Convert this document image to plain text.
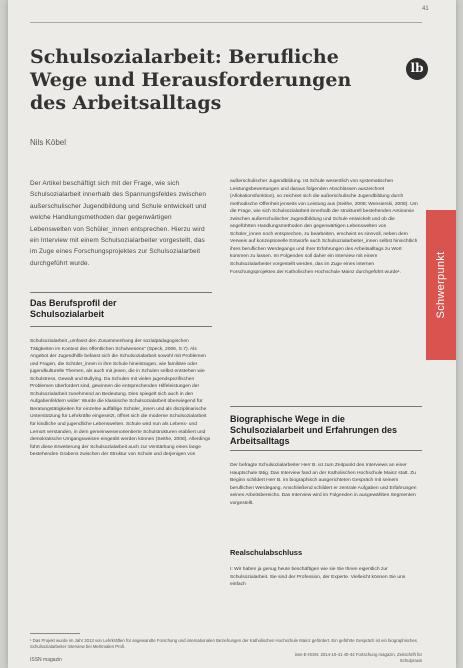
41
Schulsozialarbeit: Berufliche Wege und Herausforderungen des Arbeitsalltags
lb
Nils Köbel
Schwerpunkt

Der Artikel beschäftigt sich mit der Frage, wie sich Schulsozialarbeit innerhalb des Spannungsfeldes zwischen außerschulischer Jugendbildung und Schule entwickelt und welche Handlungsmethoden dar gegenwärtigen Lebenswelten von Schüler_innen entsprechen. Hierzu wird ein Interview mit einem Schulsozialarbeiter vorgestellt, das im Zuge eines Forschungsprojektes zur Schulsozialarbeit durchgeführt wurde.

Das Berufsprofil der Schulsozialarbeit

Schulsozialarbeit „umfasst den Zusammenhang der sozialpädagogischen Tätigkeiten im Kontext des öffentlichen Schulwesens“ (Speck, 2006, S.7). Als Angebot der Jugendhilfe befasst sich die Schulsozialarbeit sowohl mit Problemen und Fragen, die Schüler_innen in ihre Schule hineintragen, wie familiäre oder jugendkulturelle Themen, als auch mit jenen, die in Schulen selbst entstehen wie Schulstress, Gewalt und Bullying. Da Schulen mit vielen jugendspezifischen Problemen überfordert sind, gewinnen die entsprechenden Hilfeleistungen der Schulsozialarbeit zunehmend an Bedeutung. Dies spiegelt sich auch in den Aufgabenfeldern wider: Wurde die klassische Schulsozialarbeit überwiegend für Beratungstätigkeiten für einzelne auffällige Schüler_innen und als disziplinarische Unterstützung für Lehrkräfte eingesetzt, öffnet sich die moderne Schulsozialarbeit für kindliche und jugendliche Lebenswelten. Schule wird nun als Lebens- und Lernort verstanden, in dem gemeinwesenorientierte Schulstrukturen etabliert und demokratische Umgangsweisen eingeübt werden können (Seithe, 2008). Allerdings führt diese Erweiterung der Schulsozialarbeit auch zur Verstärkung eines lange bestehenden Grabens zwischen der Struktur von Schule und derjenigen von

außerschulischer Jugendbildung. Ist Schule wesentlich von systematischen Leistungsbewertungen und daraus folgenden Abschlüssen auszeichnet (Allokationsfunktion), so zeichnet sich die außerschulische Jugendbildung durch methodische Offenheit jenseits von Leistung aus (Seithe, 2008; Wensierski, 2008). Um die Frage, wie sich Schulsozialarbeit innerhalb der strukturell bestehenden Antinomie zwischen außerschulischer Jugendbildung und Schule entwickelt und ob die angeführten Handlungsmethoden den gegenwärtigen Lebenswelten von Schüler_innen noch entsprechen, zu bearbeiten, erscheint es sinnvoll, neben dem Verweis auf konzeptionelle Entwürfe auch Schulsozialarbeiter_innen selbst hinsichtlich ihres beruflichen Werdegangs und ihrer Erfahrungen des Arbeitsalltags zu Wort kommen zu lassen. Im Folgenden soll daher ein Interview mit einem Schulsozialarbeiter vorgestellt werden, das im Zuge eines internen Forschungsprojektes der Katholischen Hochschule Mainz durchgeführt wurde¹.

Biographische Wege in die Schulsozialarbeit und Erfahrungen des Arbeitsalltags

Der befragte Schulsozialarbeiter Herr B. ist zum Zeitpunkt des Interviews an einer Hauptschule tätig. Das Interview fand an der Katholischen Hochschule Mainz statt. Zu Beginn schildert Herr B. im biographisch ausgerichteten Gespräch mit seinem beruflichen Werdegang. Anschließend schildert er zentrale Aufgaben und Erfahrungen seines Arbeitsbereichs. Das Interview wird im Folgenden in ausgewählten Segmenten vorgestellt.

Realschulabschluss

I: Wir haben ja genug heute beschäftigen wie sie Sie Ihnen eigentlich zur Schulsozialarbeit. Sie sind der Profession, der Experte. Vielleicht können Sie uns einfach

¹ Das Projekt wurde im Jahr 2013 von Lehrkräften für angewandte Forschung und internationalen Beziehungen der Katholischen Hochschule Mainz gefördert. Ein geführte Gespräch ist ein biographisches Schulsozialarbeiter Interview bei Merkmalen Profi.

ISSN magazin
issn-E-ISSN: 2014-10-41 40-44 Fortschung magazin, Zeitschrift für Schulpraxis
